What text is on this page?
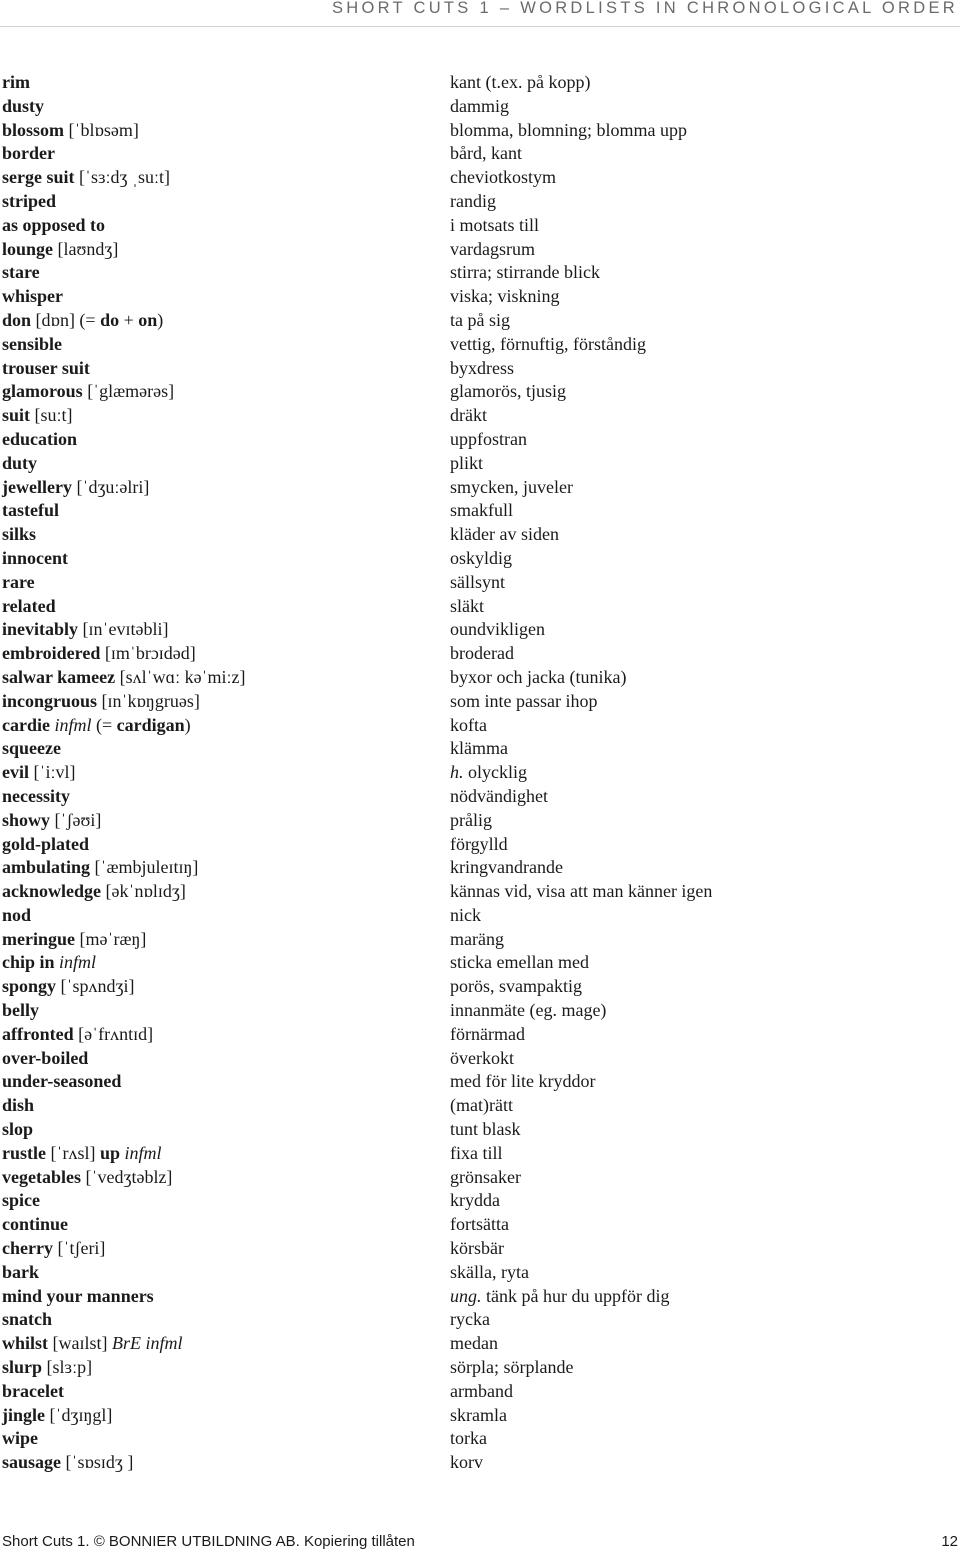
SHORT CUTS 1 – WORDLISTS IN CHRONOLOGICAL ORDER
rim	kant (t.ex. på kopp)
dusty	dammig
blossom [ˈblɒsəm]	blomma, blomning; blomma upp
border	bård, kant
serge suit [ˈsɜːdʒ ˌsuːt]	cheviotkostym
striped	randig
as opposed to	i motsats till
lounge [laʊndʒ]	vardagsrum
stare	stirra; stirrande blick
whisper	viska; viskning
don [dɒn] (= do + on)	ta på sig
sensible	vettig, förnuftig, förståndig
trouser suit	byxdress
glamorous [ˈglæmərəs]	glamorös, tjusig
suit [suːt]	dräkt
education	uppfostran
duty	plikt
jewellery [ˈdʒuːəlri]	smycken, juveler
tasteful	smakfull
silks	kläder av siden
innocent	oskyldig
rare	sällsynt
related	släkt
inevitably [ɪnˈevɪtəbli]	oundvikligen
embroidered [ɪmˈbrɔɪdəd]	broderad
salwar kameez [sʌlˈwɑː kəˈmiːz]	byxor och jacka (tunika)
incongruous [ɪnˈkɒŋgruəs]	som inte passar ihop
cardie infml (= cardigan)	kofta
squeeze	klämma
evil [ˈiːvl]	h. olycklig
necessity	nödvändighet
showy [ˈʃəʊi]	prålig
gold-plated	förgylld
ambulating [ˈæmbjuleɪtɪŋ]	kringvandrande
acknowledge [əkˈnɒlɪdʒ]	kännas vid, visa att man känner igen
nod	nick
meringue [məˈræŋ]	maräng
chip in infml	sticka emellan med
spongy [ˈspʌndʒi]	porös, svampaktig
belly	innanmäte (eg. mage)
affronted [əˈfrʌntɪd]	förnärmad
over-boiled	överkokt
under-seasoned	med för lite kryddor
dish	(mat)rätt
slop	tunt blask
rustle [ˈrʌsl] up infml	fixa till
vegetables [ˈvedʒtəblz]	grönsaker
spice	krydda
continue	fortsätta
cherry [ˈtʃeri]	körsbär
bark	skälla, ryta
mind your manners	ung. tänk på hur du uppför dig
snatch	rycka
whilst [waɪlst] BrE infml	medan
slurp [slɜːp]	sörpla; sörplande
bracelet	armband
jingle [ˈdʒɪŋgl]	skramla
wipe	torka
sausage [ˈsɒsɪdʒ ]	korv
Short Cuts 1. © BONNIER UTBILDNING AB. Kopiering tillåten	12
